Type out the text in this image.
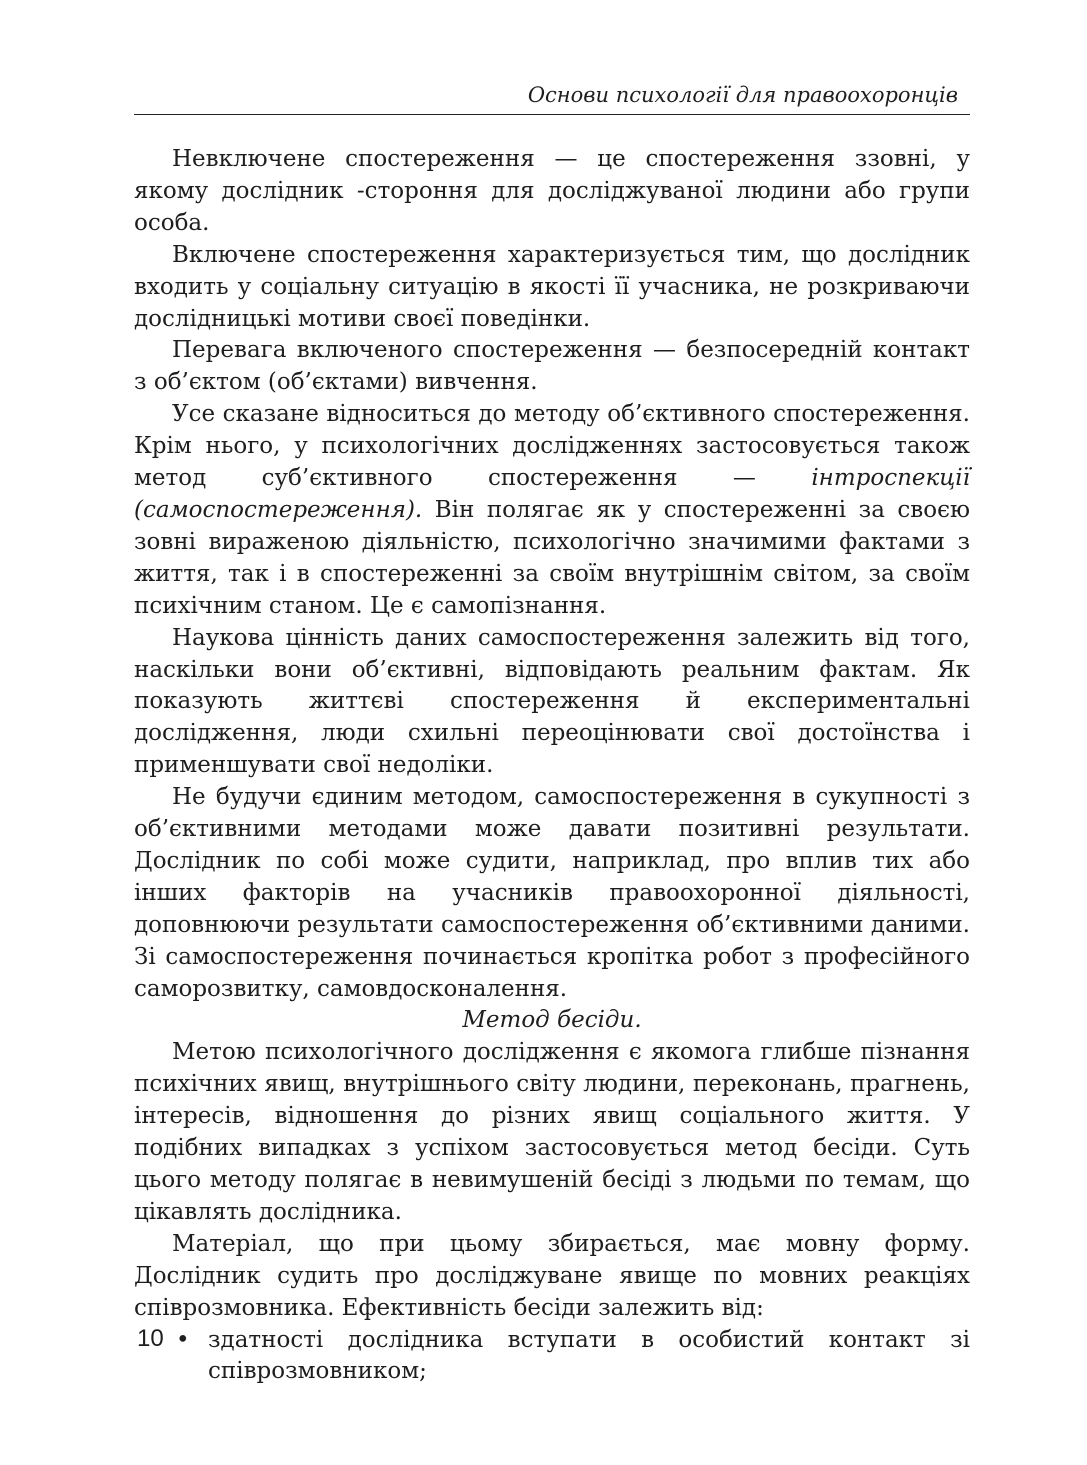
Основи психології для правоохоронців

Невключене спостереження — це спостереження ззовні, у якому дослідник -стороння для досліджуваної людини або групи особа.

Включене спостереження характеризується тим, що дослідник входить у соціальну ситуацію в якості її учасника, не розкриваючи дослідницькі мотиви своєї поведінки.

Перевага включеного спостереження — безпосередній контакт з об’єктом (об’єктами) вивчення.

Усе сказане відноситься до методу об’єктивного спостереження. Крім нього, у психологічних дослідженнях застосовується також метод суб’єктивного спостереження — інтроспекції (самоспостереження). Він полягає як у спостереженні за своєю зовні вираженою діяльністю, психологічно значимими фактами з життя, так і в спостереженні за своїм внутрішнім світом, за своїм психічним станом. Це є самопізнання.

Наукова цінність даних самоспостереження залежить від того, наскільки вони об’єктивні, відповідають реальним фактам. Як показують життєві спостереження й експериментальні дослідження, люди схильні переоцінювати свої достоїнства і применшувати свої недоліки.

Не будучи єдиним методом, самоспостереження в сукупності з об’єктивними методами може давати позитивні результати. Дослідник по собі може судити, наприклад, про вплив тих або інших факторів на учасників правоохоронної діяльності, доповнюючи результати самоспостереження об’єктивними даними. Зі самоспостереження починається кропітка робот з професійного саморозвитку, самовдосконалення.

Метод бесіди.

Метою психологічного дослідження є якомога глибше пізнання психічних явищ, внутрішнього світу людини, переконань, прагнень, інтересів, відношення до різних явищ соціального життя. У подібних випадках з успіхом застосовується метод бесіди. Суть цього методу полягає в невимушеній бесіді з людьми по темам, що цікавлять дослідника.

Матеріал, що при цьому збирається, має мовну форму. Дослідник судить про досліджуване явище по мовних реакціях співрозмовника. Ефективність бесіди залежить від:

• здатності дослідника вступати в особистий контакт зі співрозмовником;
10
